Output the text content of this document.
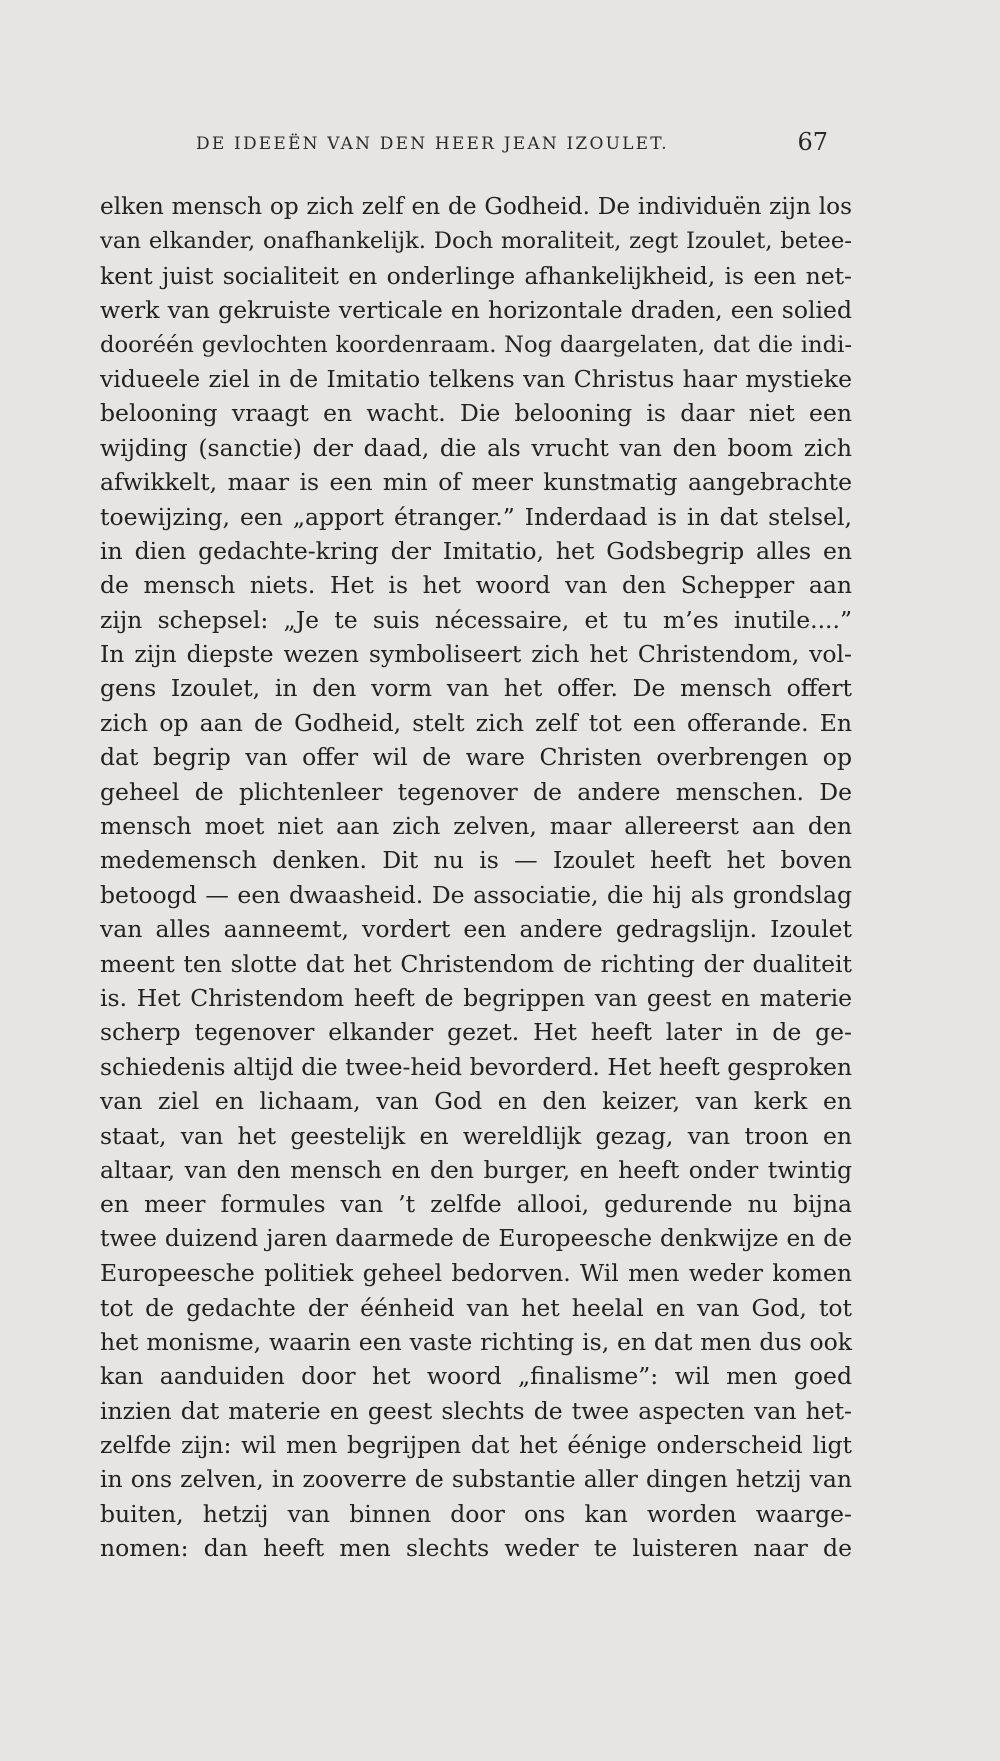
DE IDEEËN VAN DEN HEER JEAN IZOULET.	67
elken mensch op zich zelf en de Godheid. De individuën zijn los
van elkander, onafhankelijk. Doch moraliteit, zegt Izoulet, betee-
kent juist socialiteit en onderlinge afhankelijkheid, is een net-
werk van gekruiste verticale en horizontale draden, een solied
dooréén gevlochten koordenraam. Nog daargelaten, dat die indi-
vidueele ziel in de Imitatio telkens van Christus haar mystieke
belooning vraagt en wacht. Die belooning is daar niet een
wijding (sanctie) der daad, die als vrucht van den boom zich
afwikkelt, maar is een min of meer kunstmatig aangebrachte
toewijzing, een „apport étranger.” Inderdaad is in dat stelsel,
in dien gedachte-kring der Imitatio, het Godsbegrip alles en
de mensch niets. Het is het woord van den Schepper aan
zijn schepsel: „Je te suis nécessaire, et tu m’es inutile....”
In zijn diepste wezen symboliseert zich het Christendom, vol-
gens Izoulet, in den vorm van het offer. De mensch offert
zich op aan de Godheid, stelt zich zelf tot een offerande. En
dat begrip van offer wil de ware Christen overbrengen op
geheel de plichtenleer tegenover de andere menschen. De
mensch moet niet aan zich zelven, maar allereerst aan den
medemensch denken. Dit nu is — Izoulet heeft het boven
betoogd — een dwaasheid. De associatie, die hij als grondslag
van alles aanneemt, vordert een andere gedragslijn. Izoulet
meent ten slotte dat het Christendom de richting der dualiteit
is. Het Christendom heeft de begrippen van geest en materie
scherp tegenover elkander gezet. Het heeft later in de ge-
schiedenis altijd die twee-heid bevorderd. Het heeft gesproken
van ziel en lichaam, van God en den keizer, van kerk en
staat, van het geestelijk en wereldlijk gezag, van troon en
altaar, van den mensch en den burger, en heeft onder twintig
en meer formules van ’t zelfde allooi, gedurende nu bijna
twee duizend jaren daarmede de Europeesche denkwijze en de
Europeesche politiek geheel bedorven. Wil men weder komen
tot de gedachte der éénheid van het heelal en van God, tot
het monisme, waarin een vaste richting is, en dat men dus ook
kan aanduiden door het woord „finalisme”: wil men goed
inzien dat materie en geest slechts de twee aspecten van het-
zelfde zijn: wil men begrijpen dat het éénige onderscheid ligt
in ons zelven, in zooverre de substantie aller dingen hetzij van
buiten, hetzij van binnen door ons kan worden waarge-
nomen: dan heeft men slechts weder te luisteren naar de
